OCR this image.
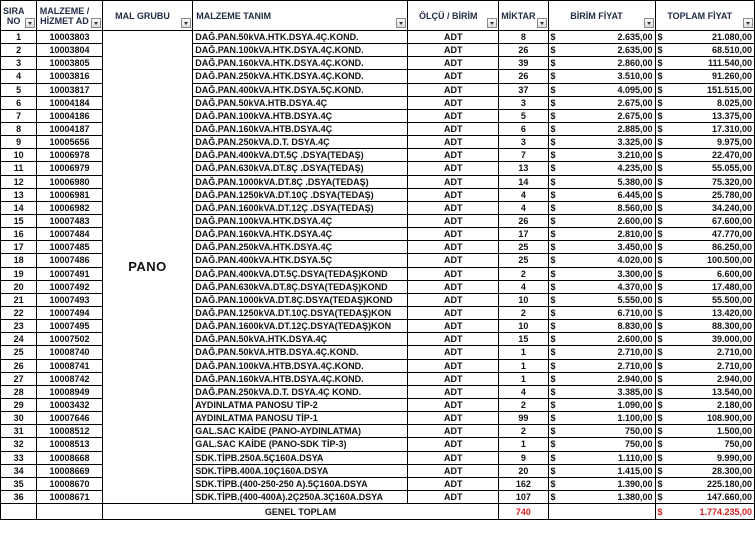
SIRA NO	MALZEME / HİZMET AD	MAL GRUBU	MALZEME TANIM	ÖLÇÜ / BİRİM	MİKTAR	BİRİM FİYAT	TOPLAM FİYAT

1	10003803	PANO	DAĞ.PAN.50kVA.HTK.DSYA.4Ç.KOND.	ADT	8	$ 2.635,00	$ 21.080,00

2	10003804		DAĞ.PAN.100kVA.HTK.DSYA.4Ç.KOND.	ADT	26	$ 2.635,00	$ 68.510,00

3	10003805		DAĞ.PAN.160kVA.HTK.DSYA.4Ç.KOND.	ADT	39	$ 2.860,00	$ 111.540,00

4	10003816		DAĞ.PAN.250kVA.HTK.DSYA.4Ç.KOND.	ADT	26	$ 3.510,00	$ 91.260,00

5	10003817		DAĞ.PAN.400kVA.HTK.DSYA.5Ç.KOND.	ADT	37	$ 4.095,00	$ 151.515,00

6	10004184		DAĞ.PAN.50kVA.HTB.DSYA.4Ç	ADT	3	$ 2.675,00	$ 8.025,00

7	10004186		DAĞ.PAN.100kVA.HTB.DSYA.4Ç	ADT	5	$ 2.675,00	$ 13.375,00

8	10004187		DAĞ.PAN.160kVA.HTB.DSYA.4Ç	ADT	6	$ 2.885,00	$ 17.310,00

9	10005656		DAĞ.PAN.250kVA.D.T. DSYA.4Ç	ADT	3	$ 3.325,00	$ 9.975,00

10	10006978		DAĞ.PAN.400kVA.DT.5Ç .DSYA(TEDAŞ)	ADT	7	$ 3.210,00	$ 22.470,00

11	10006979		DAĞ.PAN.630kVA.DT.8Ç .DSYA(TEDAŞ)	ADT	13	$ 4.235,00	$ 55.055,00

12	10006980		DAĞ.PAN.1000kVA.DT.8Ç .DSYA(TEDAŞ)	ADT	14	$ 5.380,00	$ 75.320,00

13	10006981		DAĞ.PAN.1250kVA.DT.10Ç .DSYA(TEDAŞ)	ADT	4	$ 6.445,00	$ 25.780,00

14	10006982		DAĞ.PAN.1600kVA.DT.12Ç .DSYA(TEDAŞ)	ADT	4	$ 8.560,00	$ 34.240,00

15	10007483		DAĞ.PAN.100kVA.HTK.DSYA.4Ç	ADT	26	$ 2.600,00	$ 67.600,00

16	10007484		DAĞ.PAN.160kVA.HTK.DSYA.4Ç	ADT	17	$ 2.810,00	$ 47.770,00

17	10007485		DAĞ.PAN.250kVA.HTK.DSYA.4Ç	ADT	25	$ 3.450,00	$ 86.250,00

18	10007486		DAĞ.PAN.400kVA.HTK.DSYA.5Ç	ADT	25	$ 4.020,00	$ 100.500,00

19	10007491		DAĞ.PAN.400kVA.DT.5Ç.DSYA(TEDAŞ)KOND	ADT	2	$ 3.300,00	$ 6.600,00

20	10007492		DAĞ.PAN.630kVA.DT.8Ç.DSYA(TEDAŞ)KOND	ADT	4	$ 4.370,00	$ 17.480,00

21	10007493		DAĞ.PAN.1000kVA.DT.8Ç.DSYA(TEDAŞ)KOND	ADT	10	$ 5.550,00	$ 55.500,00

22	10007494		DAĞ.PAN.1250kVA.DT.10Ç.DSYA(TEDAŞ)KON	ADT	2	$ 6.710,00	$ 13.420,00

23	10007495		DAĞ.PAN.1600kVA.DT.12Ç.DSYA(TEDAŞ)KON	ADT	10	$ 8.830,00	$ 88.300,00

24	10007502		DAĞ.PAN.50kVA.HTK.DSYA.4Ç	ADT	15	$ 2.600,00	$ 39.000,00

25	10008740		DAĞ.PAN.50kVA.HTB.DSYA.4Ç.KOND.	ADT	1	$ 2.710,00	$ 2.710,00

26	10008741		DAĞ.PAN.100kVA.HTB.DSYA.4Ç.KOND.	ADT	1	$ 2.710,00	$ 2.710,00

27	10008742		DAĞ.PAN.160kVA.HTB.DSYA.4Ç.KOND.	ADT	1	$ 2.940,00	$ 2.940,00

28	10008949		DAĞ.PAN.250kVA.D.T. DSYA.4Ç KOND.	ADT	4	$ 3.385,00	$ 13.540,00

29	10003432		AYDINLATMA PANOSU TİP-2	ADT	2	$ 1.090,00	$ 2.180,00

30	10007646		AYDINLATMA PANOSU TİP-1	ADT	99	$ 1.100,00	$ 108.900,00

31	10008512		GAL.SAC KAİDE (PANO-AYDINLATMA)	ADT	2	$ 750,00	$ 1.500,00

32	10008513		GAL.SAC KAİDE (PANO-SDK TİP-3)	ADT	1	$ 750,00	$ 750,00

33	10008668		SDK.TİPB.250A.5Ç160A.DSYA	ADT	9	$ 1.110,00	$ 9.990,00

34	10008669		SDK.TİPB.400A.10Ç160A.DSYA	ADT	20	$ 1.415,00	$ 28.300,00

35	10008670		SDK.TİPB.(400-250-250 A).5Ç160A.DSYA	ADT	162	$ 1.390,00	$ 225.180,00

36	10008671		SDK.TİPB.(400-400A).2Ç250A.3Ç160A.DSYA	ADT	107	$ 1.380,00	$ 147.660,00

		GENEL TOPLAM			740		$ 1.774.235,00
